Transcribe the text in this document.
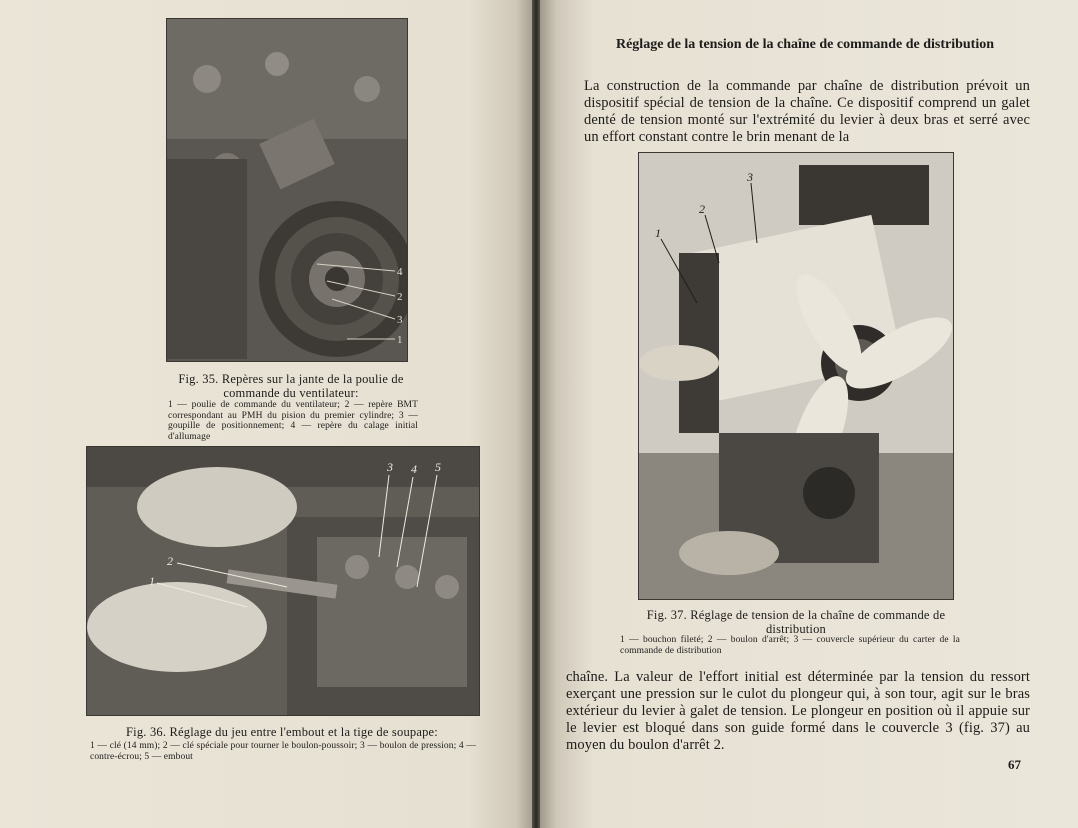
4
2
3
1
Fig. 35. Repères sur la jante de la poulie de commande du ventilateur:
1 — poulie de commande du ventilateur; 2 — repère BMT correspondant au PMH du pision du premier cylindre; 3 — goupille de positionnement; 4 — repère du calage initial d'allumage
3 4 5
2
1
Fig. 36. Réglage du jeu entre l'embout et la tige de soupape:
1 — clé (14 mm); 2 — clé spéciale pour tourner le boulon-poussoir; 3 — boulon de pression; 4 — contre-écrou; 5 — embout
Réglage de la tension de la chaîne de commande de distribution
La construction de la commande par chaîne de distribution prévoit un dispositif spécial de tension de la chaîne. Ce dispositif comprend un galet denté de tension monté sur l'extrémité du levier à deux bras et serré avec un effort constant contre le brin menant de la
3
2
1
Fig. 37. Réglage de tension de la chaîne de commande de distribution
1 — bouchon fileté; 2 — boulon d'arrêt; 3 — couvercle supérieur du carter de la commande de distribution
chaîne. La valeur de l'effort initial est déterminée par la tension du ressort exerçant une pression sur le culot du plongeur qui, à son tour, agit sur le bras extérieur du levier à galet de tension. Le plongeur en position où il appuie sur le levier est bloqué dans son guide formé dans le couvercle 3 (fig. 37) au moyen du boulon d'arrêt 2.
67
